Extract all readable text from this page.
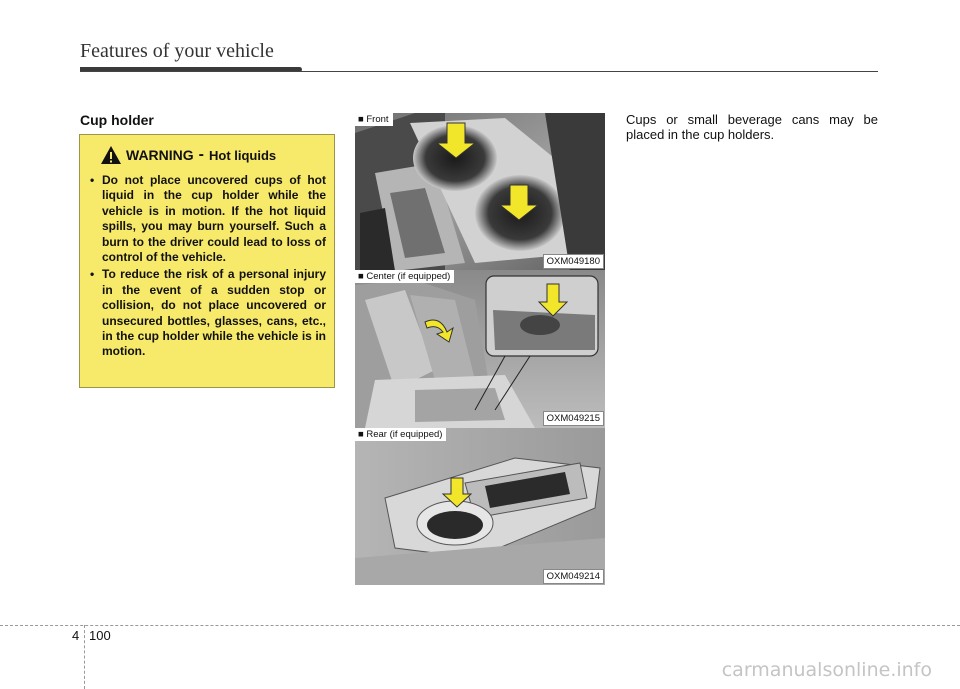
Features of your vehicle
Cup holder
WARNING - Hot liquids
• Do not place uncovered cups of hot liquid in the cup holder while the vehicle is in motion. If the hot liquid spills, you may burn yourself. Such a burn to the driver could lead to loss of control of the vehicle.
• To reduce the risk of a personal injury in the event of a sudden stop or collision, do not place uncovered or unsecured bottles, glasses, cans, etc., in the cup holder while the vehicle is in motion.
■ Front
OXM049180
■ Center (if equipped)
OXM049215
■ Rear (if equipped)
OXM049214
Cups or small beverage cans may be placed in the cup holders.
4 100
carmanualsonline.info
